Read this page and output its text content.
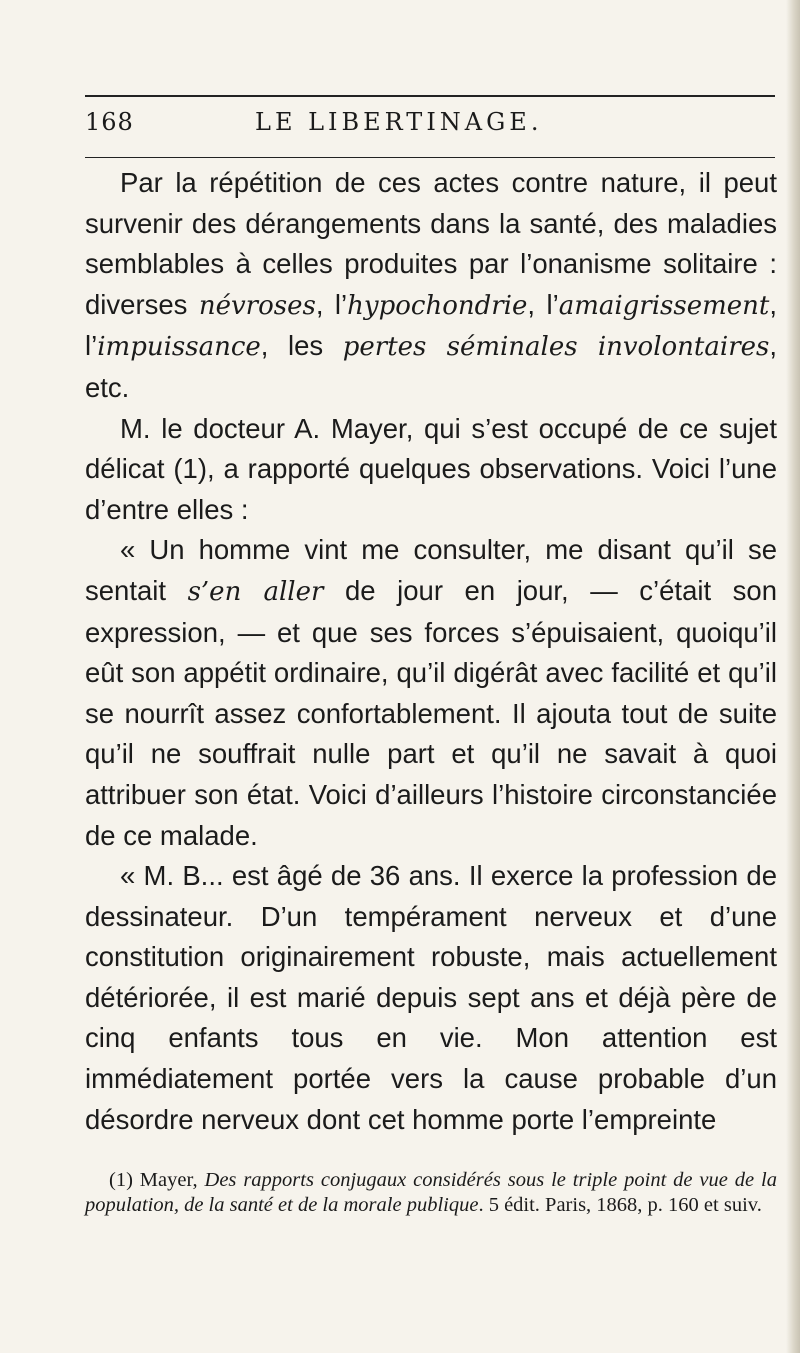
168	LE LIBERTINAGE.

Par la répétition de ces actes contre nature, il peut survenir des dérangements dans la santé, des maladies semblables à celles produites par l’onanisme solitaire : diverses névroses, l’hypochondrie, l’amaigrissement, l’impuissance, les pertes séminales involontaires, etc.

M. le docteur A. Mayer, qui s’est occupé de ce sujet délicat (1), a rapporté quelques observations. Voici l’une d’entre elles :

« Un homme vint me consulter, me disant qu’il se sentait s’en aller de jour en jour, — c’était son expression, — et que ses forces s’épuisaient, quoiqu’il eût son appétit ordinaire, qu’il digérât avec facilité et qu’il se nourrît assez confortablement. Il ajouta tout de suite qu’il ne souffrait nulle part et qu’il ne savait à quoi attribuer son état. Voici d’ailleurs l’histoire circonstanciée de ce malade.

« M. B... est âgé de 36 ans. Il exerce la profession de dessinateur. D’un tempérament nerveux et d’une constitution originairement robuste, mais actuellement détériorée, il est marié depuis sept ans et déjà père de cinq enfants tous en vie. Mon attention est immédiatement portée vers la cause probable d’un désordre nerveux dont cet homme porte l’empreinte

(1) Mayer, Des rapports conjugaux considérés sous le triple point de vue de la population, de la santé et de la morale publique. 5 édit. Paris, 1868, p. 160 et suiv.
